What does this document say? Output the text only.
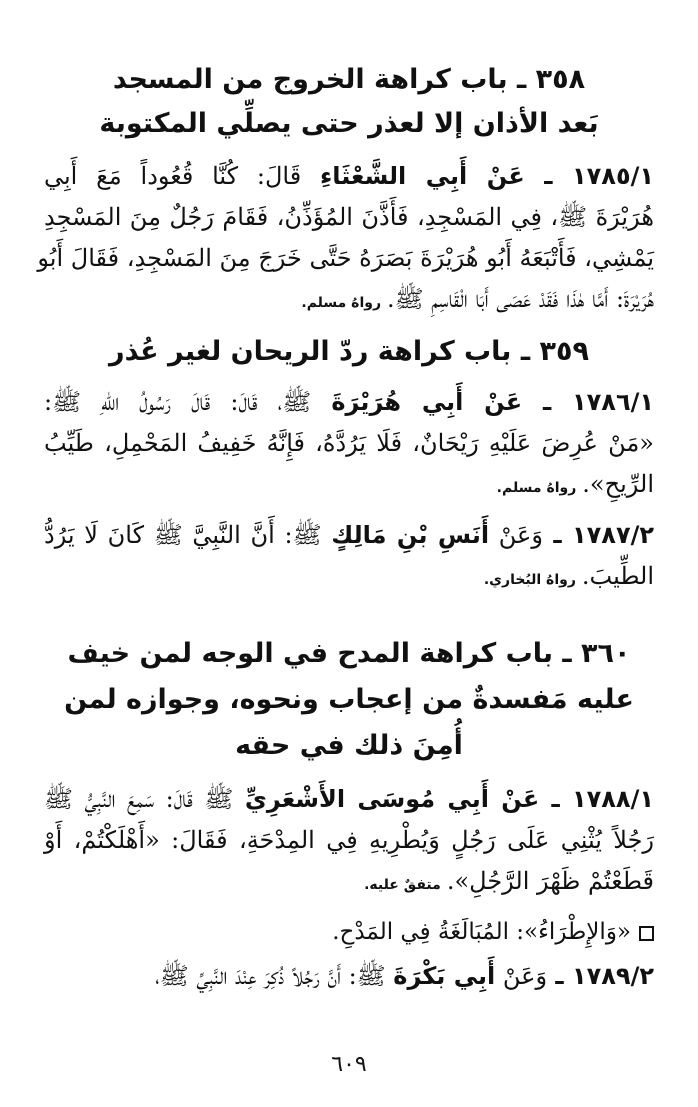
٣٥٨ ـ باب كراهة الخروج من المسجد
بَعد الأذان إلا لعذر حتى يصلِّي المكتوبة

١٧٨٥/١ ـ عَنْ أَبِي الشَّعْثَاءِ قَالَ: كُنَّا قُعُوداً مَعَ أَبِي
هُرَيْرَةَ ﷺ، فِي المَسْجِدِ، فَأَذَّنَ المُؤَذِّنُ، فَقَامَ رَجُلٌ مِنَ المَسْجِدِ
يَمْشِي، فَأَتْبَعَهُ أَبُو هُرَيْرَةَ بَصَرَهُ حَتَّى خَرَجَ مِنَ المَسْجِدِ، فَقَالَ أَبُو
هُرَيْرَةَ: أَمَّا هٰذَا فَقَدْ عَصَى أَبَا الْقَاسِمِ ﷺ.رواهُ مسلم.

٣٥٩ ـ باب كراهة ردّ الريحان لغير عُذر

١٧٨٦/١ ـ عَنْ أَبِي هُرَيْرَةَ ﷺ، قَالَ: قَالَ رَسُولُ اللهِ ﷺ:
«مَنْ عُرِضَ عَلَيْهِ رَيْحَانٌ، فَلَا يَرُدَّهُ، فَإِنَّهُ خَفِيفُ المَحْمِلِ، طَيِّبُ
الرِّيحِ».رواهُ مسلم.

١٧٨٧/٢ ـ وَعَنْ أَنَسِ بْنِ مَالِكٍ ﷺ: أَنَّ النَّبِيَّ ﷺ كَانَ لَا يَرُدُّ
الطِّيبَ.رواهُ البُخاري.

٣٦٠ ـ باب كراهة المدح في الوجه لمن خيف
عليه مَفسدةٌ من إعجاب ونحوه، وجوازه لمن
أُمِنَ ذلك في حقه

١٧٨٨/١ ـ عَنْ أَبِي مُوسَى الأَشْعَرِيِّ ﷺ قَالَ: سَمِعَ النَّبِيُّ ﷺ
رَجُلاً يُثْنِي عَلَى رَجُلٍ وَيُطْرِيهِ فِي المِدْحَةِ، فَقَالَ: «أَهْلَكْتُمْ، أَوْ
قَطَعْتُمْ ظَهْرَ الرَّجُلِ».متفقٌ عليه.

«وَالإِطْرَاءُ»: المُبَالَغَةُ فِي المَدْحِ.

١٧٨٩/٢ ـ وَعَنْ أَبِي بَكْرَةَ ﷺ: أَنَّ رَجُلاً ذُكِرَ عِنْدَ النَّبِيِّ ﷺ،

٦٠٩
